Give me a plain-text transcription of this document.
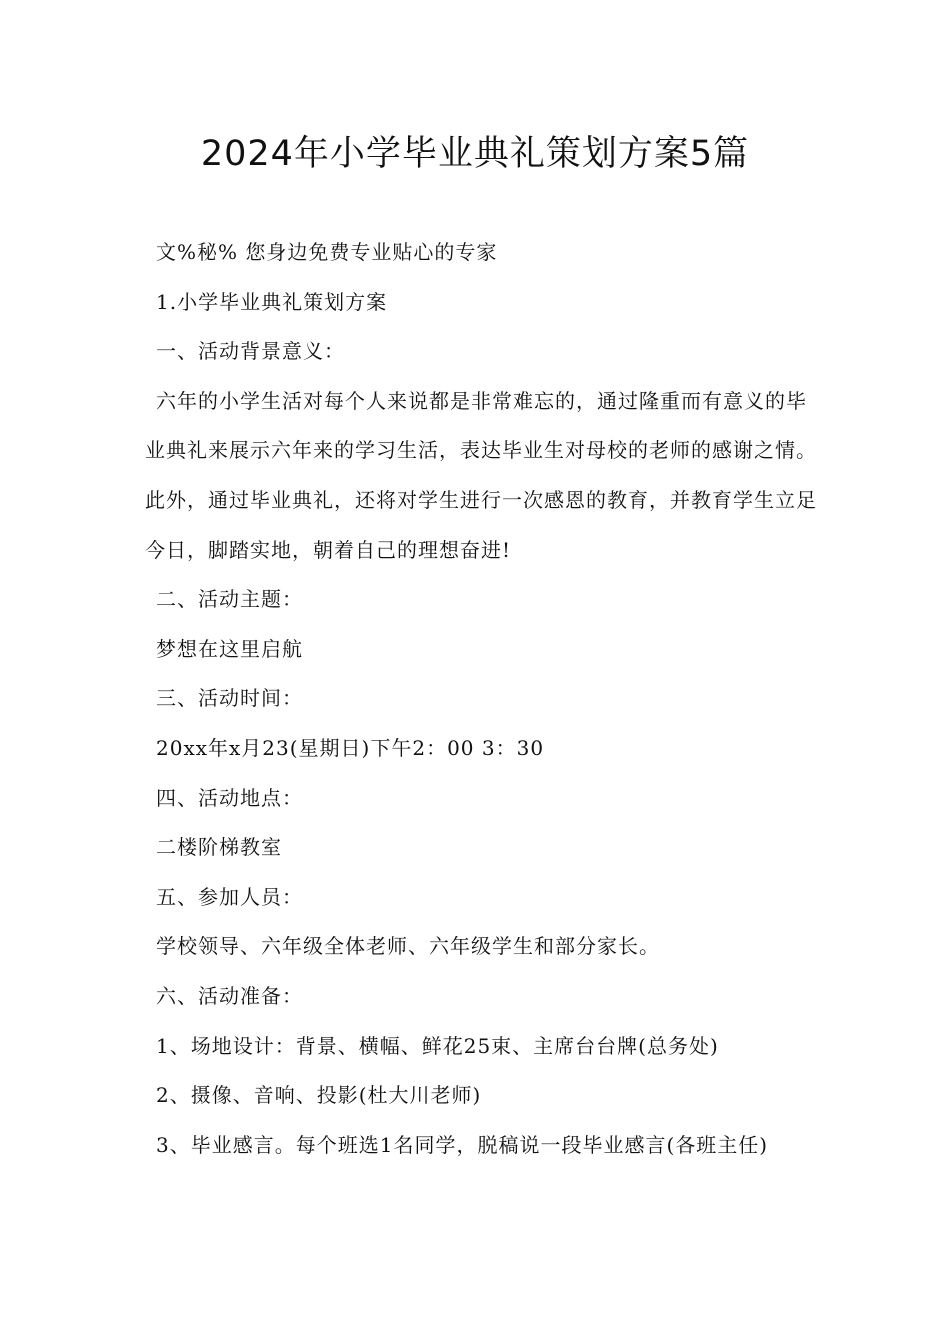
2024年小学毕业典礼策划方案5篇

文%秘% 您身边免费专业贴心的专家

1.小学毕业典礼策划方案

一、活动背景意义：

六年的小学生活对每个人来说都是非常难忘的，通过隆重而有意义的毕业典礼来展示六年来的学习生活，表达毕业生对母校的老师的感谢之情。此外，通过毕业典礼，还将对学生进行一次感恩的教育，并教育学生立足今日，脚踏实地，朝着自己的理想奋进!

二、活动主题：

梦想在这里启航

三、活动时间：

20xx年x月23(星期日)下午2：00 3：30

四、活动地点：

二楼阶梯教室

五、参加人员：

学校领导、六年级全体老师、六年级学生和部分家长。

六、活动准备：

1、场地设计：背景、横幅、鲜花25束、主席台台牌(总务处)

2、摄像、音响、投影(杜大川老师)

3、毕业感言。每个班选1名同学，脱稿说一段毕业感言(各班主任)
